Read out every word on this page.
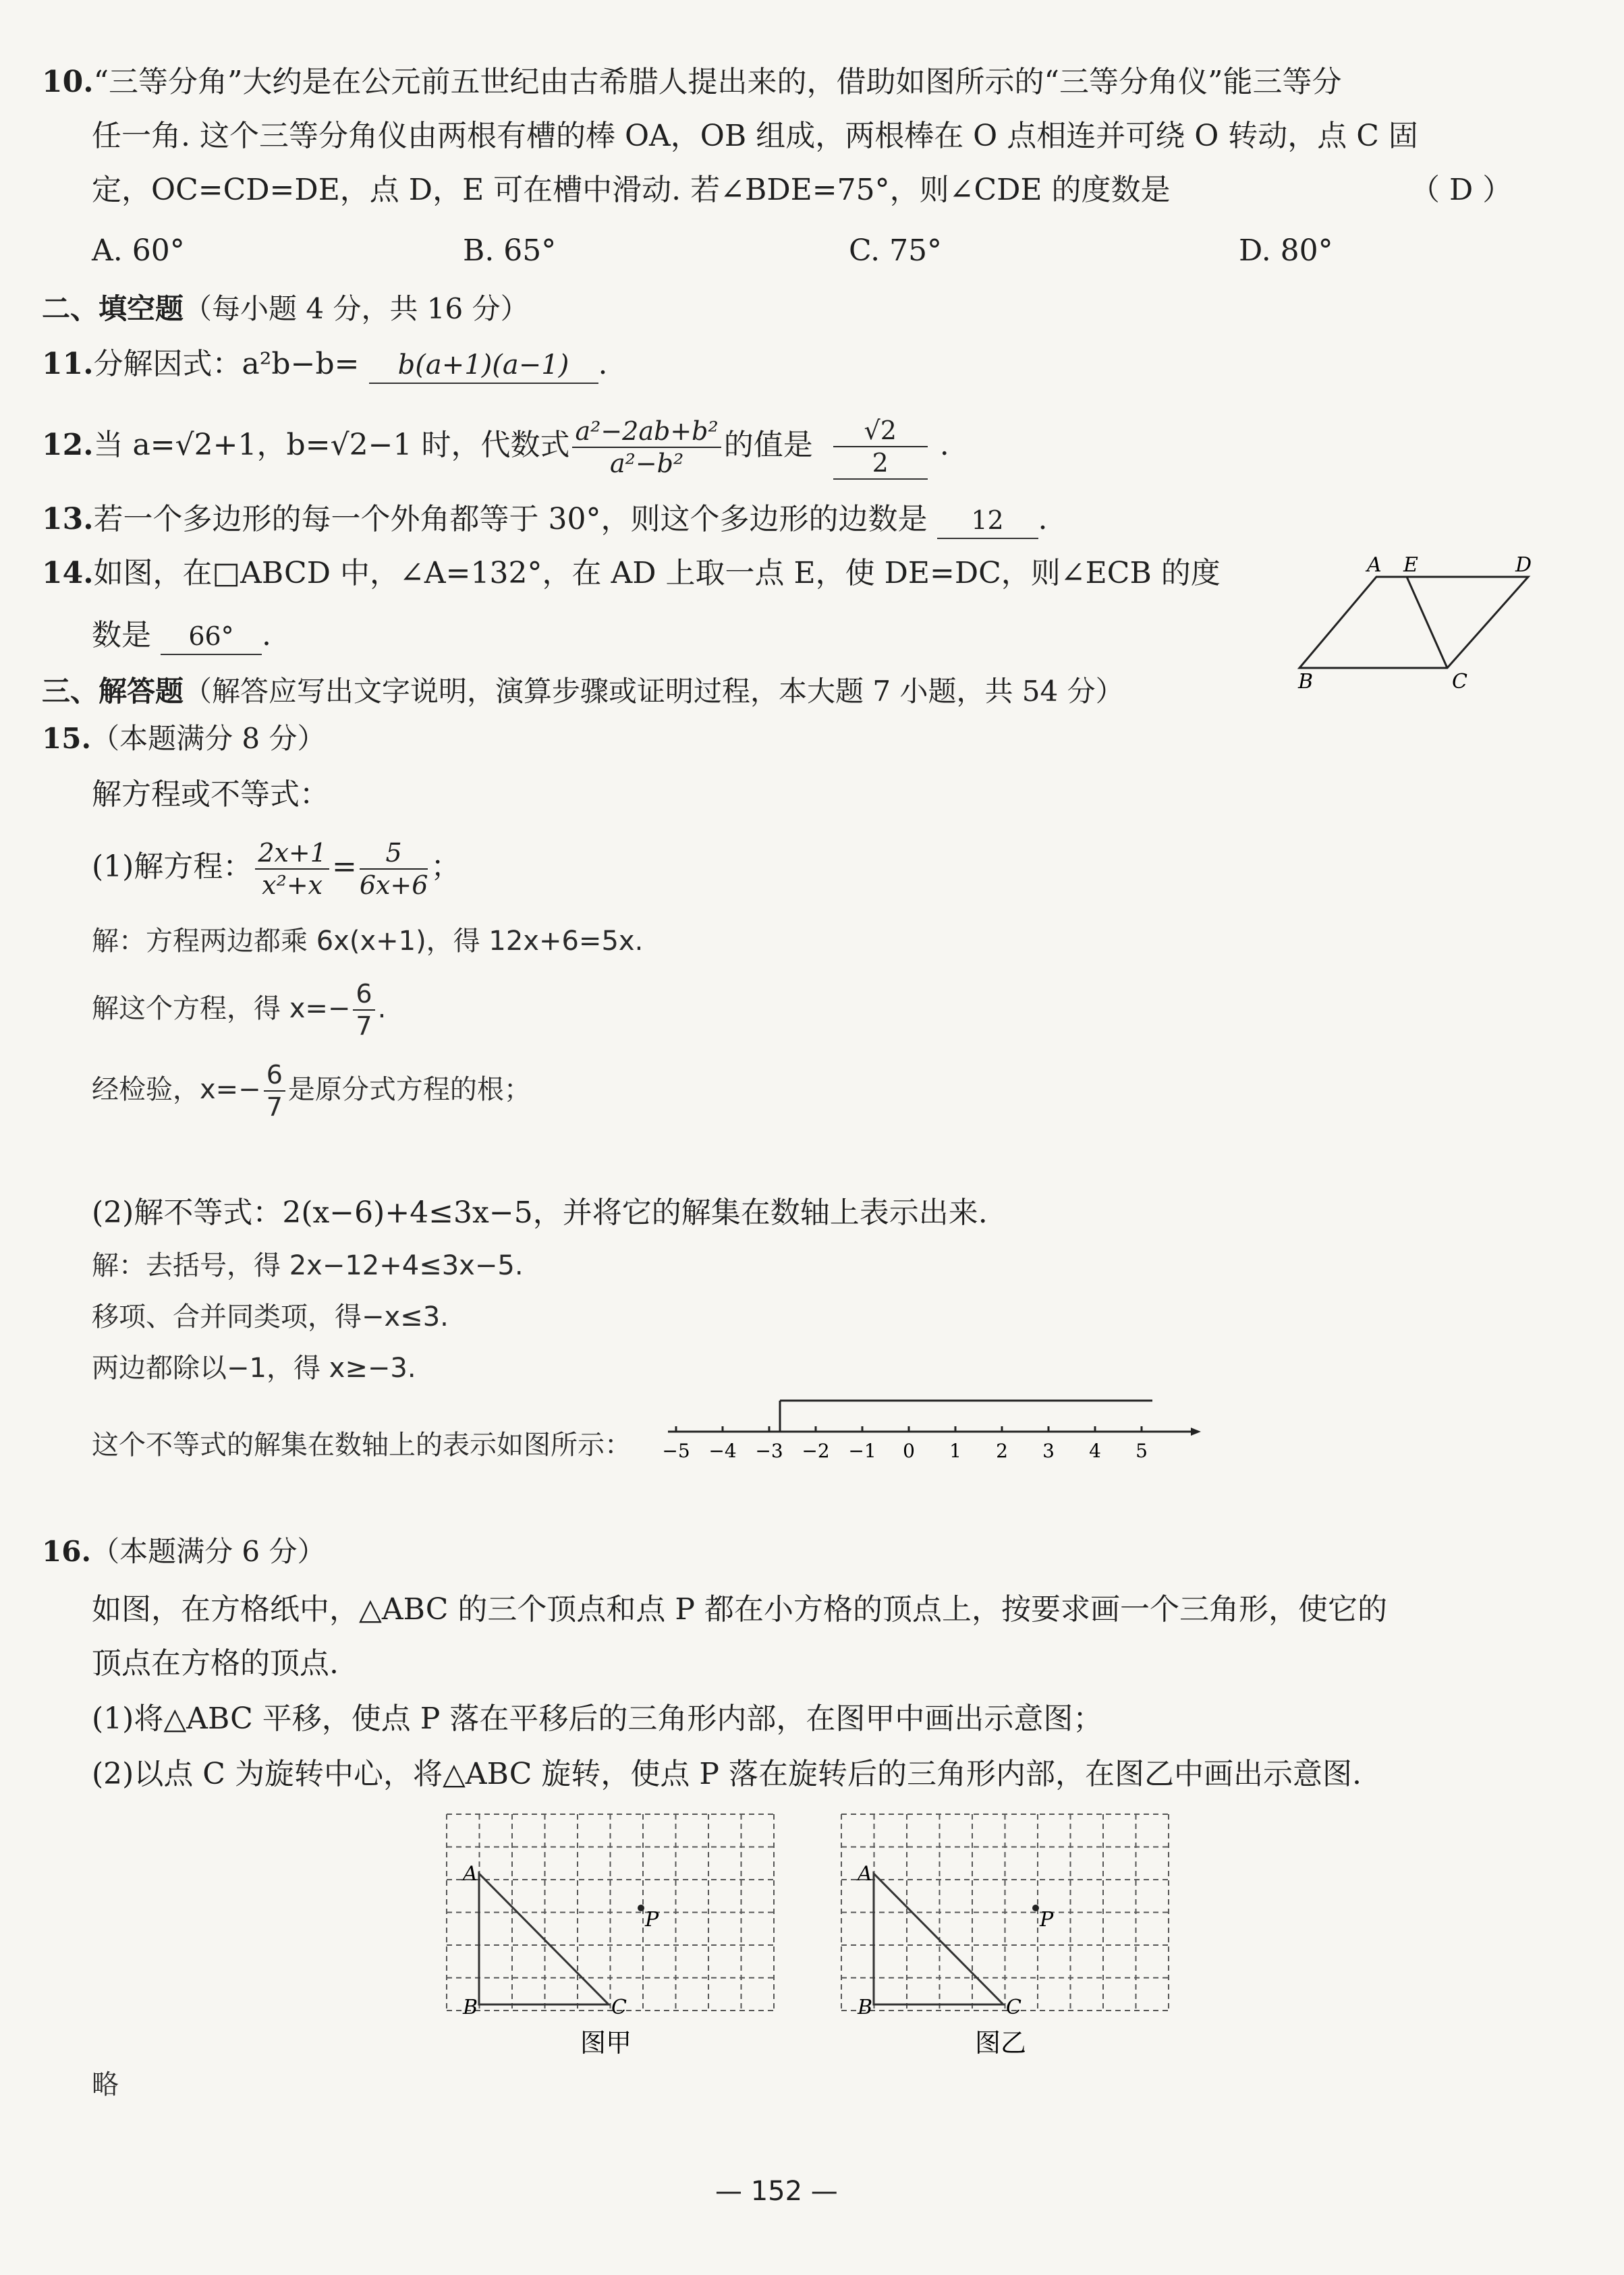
10.“三等分角”大约是在公元前五世纪由古希腊人提出来的，借助如图所示的“三等分角仪”能三等分
任一角. 这个三等分角仪由两根有槽的棒 OA，OB 组成，两根棒在 O 点相连并可绕 O 转动，点 C 固
定，OC=CD=DE，点 D，E 可在槽中滑动. 若∠BDE=75°，则∠CDE 的度数是	（ D ）
A. 60°	B. 65°	C. 75°	D. 80°
二、填空题（每小题 4 分，共 16 分）
11.分解因式：a²b−b= b(a+1)(a−1) .
12.当 a=√2+1，b=√2−1 时，代数式 $\frac{\text{a²−2ab+b²}}{\text{a²−b²}}$ 的值是 $\frac{√2}{2}$ .
13.若一个多边形的每一个外角都等于 30°，则这个多边形的边数是 12 .
14.如图，在□ABCD 中，∠A=132°，在 AD 上取一点 E，使 DE=DC，则∠ECB 的度
数是 66° .
A E	D
B	C
三、解答题（解答应写出文字说明，演算步骤或证明过程，本大题 7 小题，共 54 分）
15.（本题满分 8 分）
解方程或不等式：
(1)解方程： $\frac{2x+1}{\text{x²+x}} = \frac{5}{6x+6}$ ；
解：方程两边都乘 6x(x+1)，得 12x+6=5x.
解这个方程，得 $x=- \frac{6}{7}$ .
经检验，$x=- \frac{6}{7}$ 是原分式方程的根；
(2)解不等式：2(x−6)+4≤3x−5，并将它的解集在数轴上表示出来.
解：去括号，得 2x−12+4≤3x−5.
移项、合并同类项，得−x≤3.
两边都除以−1，得 x≥−3.
这个不等式的解集在数轴上的表示如图所示： −5 −4 −3 −2 −1 0 1 2 3 4 5
16.（本题满分 6 分）
如图，在方格纸中，△ABC 的三个顶点和点 P 都在小方格的顶点上，按要求画一个三角形，使它的
顶点在方格的顶点.
(1)将△ABC 平移，使点 P 落在平移后的三角形内部，在图甲中画出示意图；
(2)以点 C 为旋转中心，将△ABC 旋转，使点 P 落在旋转后的三角形内部，在图乙中画出示意图.
A
B	C
P
图甲
A
B	C
P
图乙
略
— 152 —
